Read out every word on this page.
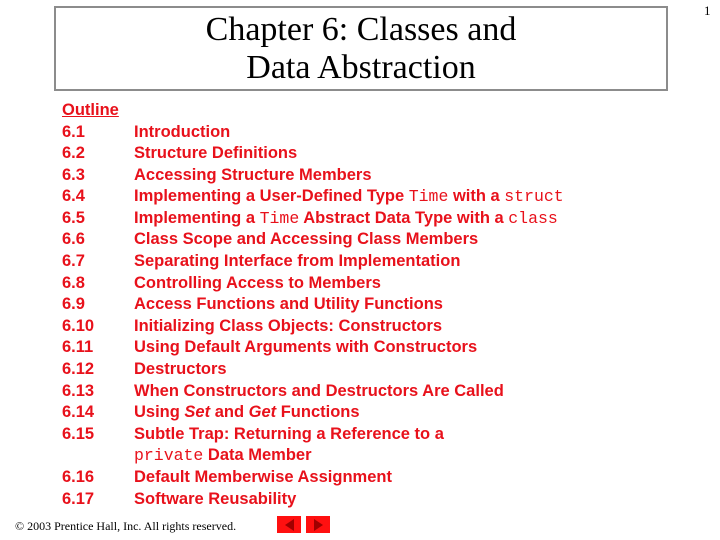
Chapter 6: Classes and
Data Abstraction
1
Outline
6.1	Introduction
6.2	Structure Definitions
6.3	Accessing Structure Members
6.4	Implementing a User-Defined Type Time with a struct
6.5	Implementing a Time Abstract Data Type with a class
6.6	Class Scope and Accessing Class Members
6.7	Separating Interface from Implementation
6.8	Controlling Access to Members
6.9	Access Functions and Utility Functions
6.10	Initializing Class Objects: Constructors
6.11	Using Default Arguments with Constructors
6.12	Destructors
6.13	When Constructors and Destructors Are Called
6.14	Using Set and Get Functions
6.15	Subtle Trap: Returning a Reference to a
private Data Member
6.16	Default Memberwise Assignment
6.17	Software Reusability
© 2003 Prentice Hall, Inc. All rights reserved.
